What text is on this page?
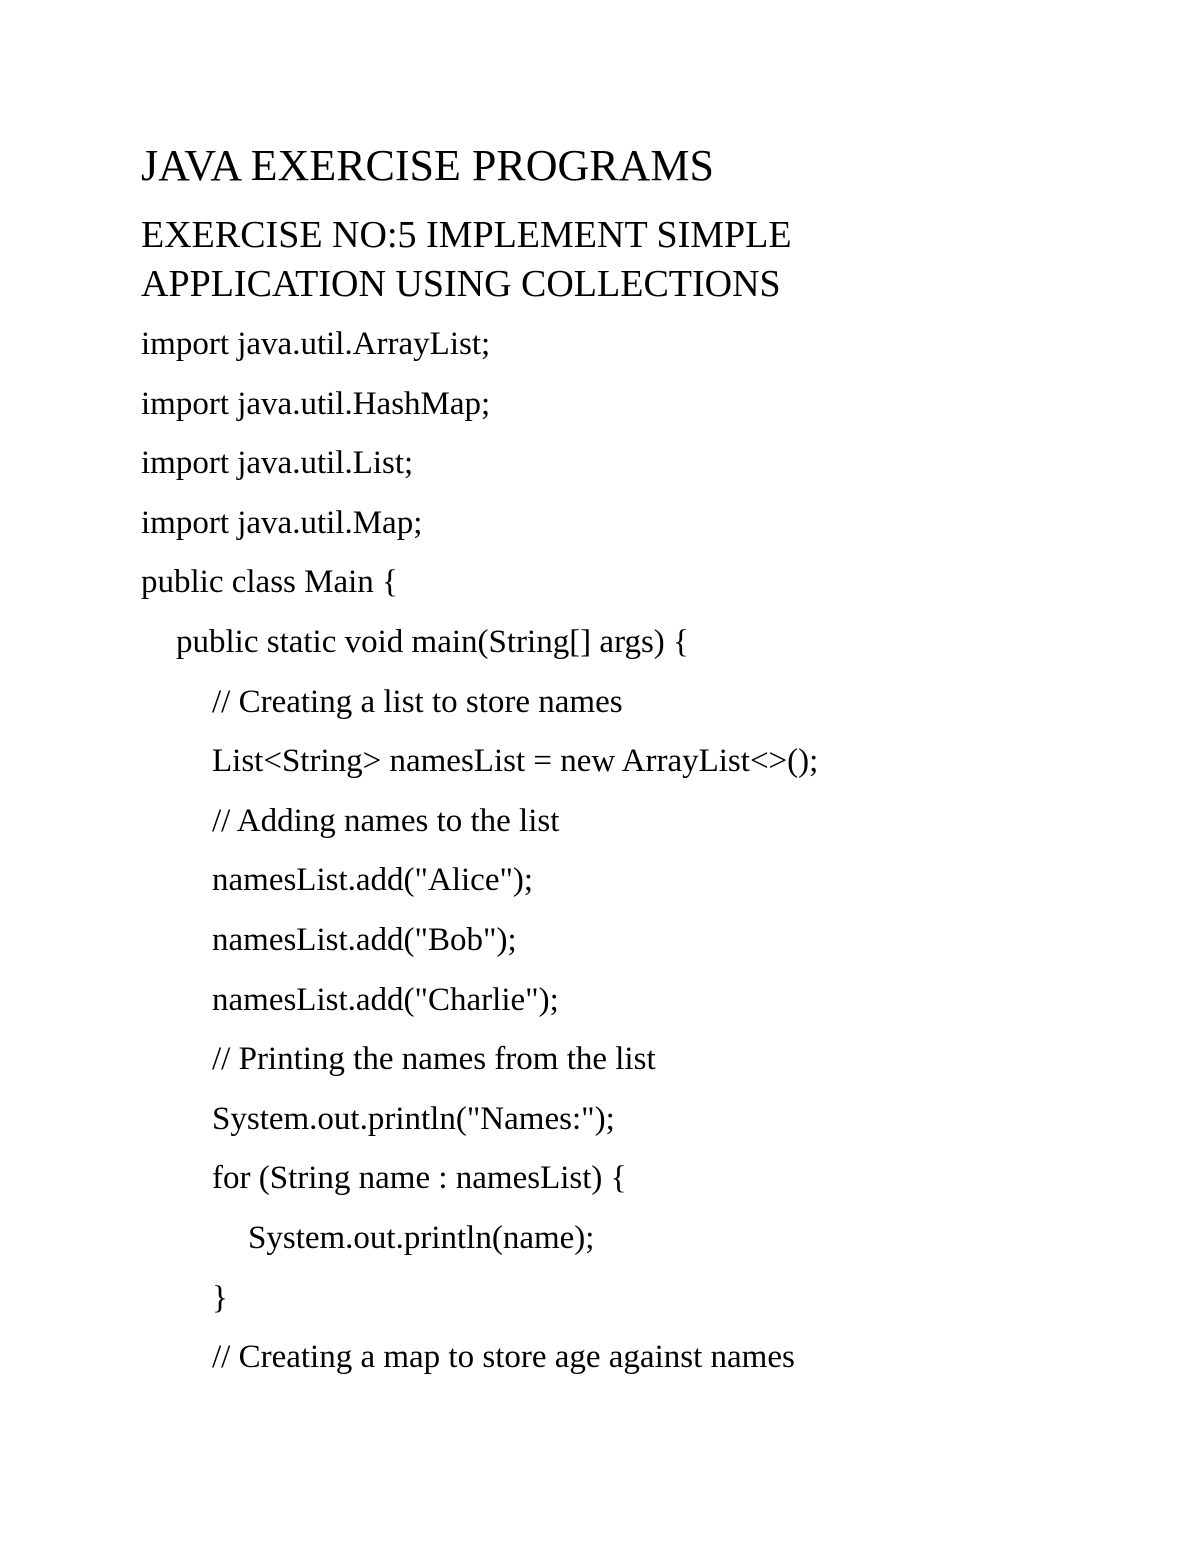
JAVA EXERCISE PROGRAMS
EXERCISE NO:5 IMPLEMENT SIMPLE
APPLICATION USING COLLECTIONS
import java.util.ArrayList;
import java.util.HashMap;
import java.util.List;
import java.util.Map;
public class Main {
public static void main(String[] args) {
// Creating a list to store names
List<String> namesList = new ArrayList<>();
// Adding names to the list
namesList.add("Alice");
namesList.add("Bob");
namesList.add("Charlie");
// Printing the names from the list
System.out.println("Names:");
for (String name : namesList) {
System.out.println(name);
}
// Creating a map to store age against names
